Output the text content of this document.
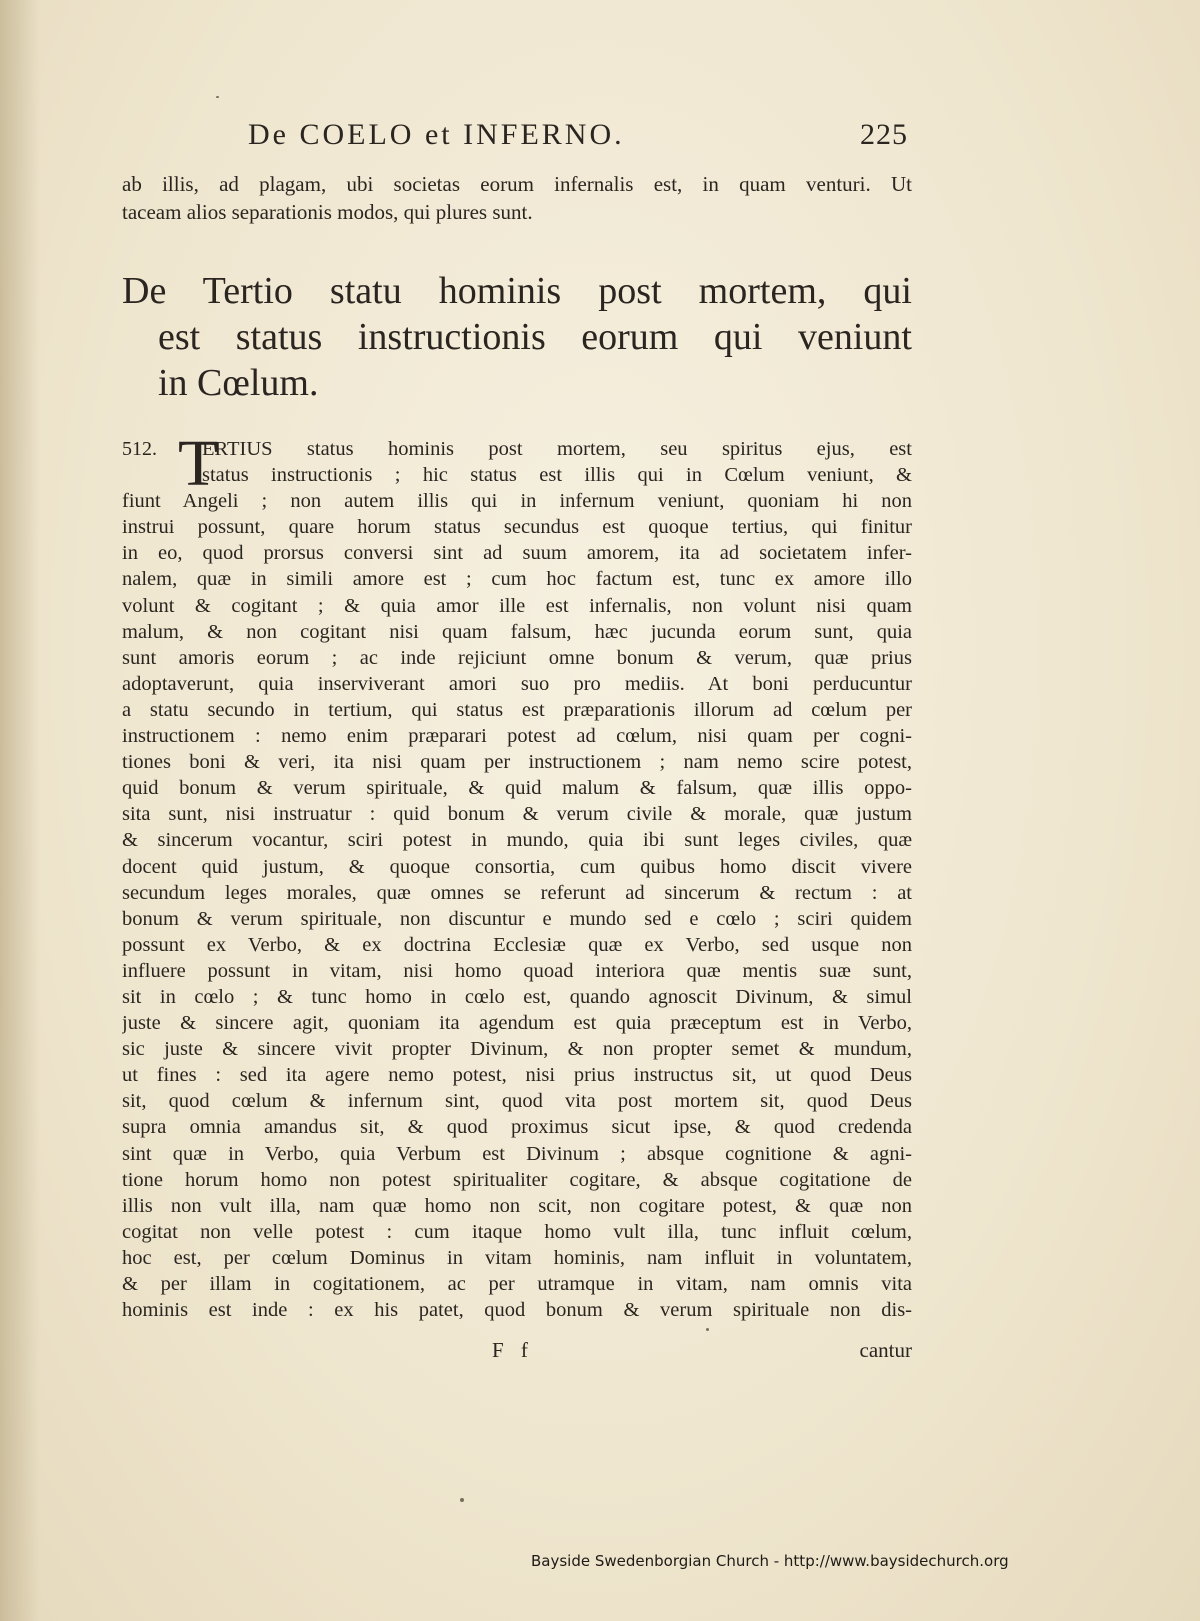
De COELO et INFERNO.	225
ab illis, ad plagam, ubi societas eorum infernalis est, in quam venturi. Ut
taceam alios separationis modos, qui plures sunt.
De Tertio statu hominis post mortem, qui
est status instructionis eorum qui veniunt
in Cœlum.
512. T
ERTIUS status hominis post mortem, seu spiritus ejus, est
status instructionis ; hic status est illis qui in Cœlum veniunt, &
fiunt Angeli ; non autem illis qui in infernum veniunt, quoniam hi non
instrui possunt, quare horum status secundus est quoque tertius, qui finitur
in eo, quod prorsus conversi sint ad suum amorem, ita ad societatem infer-
nalem, quæ in simili amore est ; cum hoc factum est, tunc ex amore illo
volunt & cogitant ; & quia amor ille est infernalis, non volunt nisi quam
malum, & non cogitant nisi quam falsum, hæc jucunda eorum sunt, quia
sunt amoris eorum ; ac inde rejiciunt omne bonum & verum, quæ prius
adoptaverunt, quia inserviverant amori suo pro mediis. At boni perducuntur
a statu secundo in tertium, qui status est præparationis illorum ad cœlum per
instructionem : nemo enim præparari potest ad cœlum, nisi quam per cogni-
tiones boni & veri, ita nisi quam per instructionem ; nam nemo scire potest,
quid bonum & verum spirituale, & quid malum & falsum, quæ illis oppo-
sita sunt, nisi instruatur : quid bonum & verum civile & morale, quæ justum
& sincerum vocantur, sciri potest in mundo, quia ibi sunt leges civiles, quæ
docent quid justum, & quoque consortia, cum quibus homo discit vivere
secundum leges morales, quæ omnes se referunt ad sincerum & rectum : at
bonum & verum spirituale, non discuntur e mundo sed e cœlo ; sciri quidem
possunt ex Verbo, & ex doctrina Ecclesiæ quæ ex Verbo, sed usque non
influere possunt in vitam, nisi homo quoad interiora quæ mentis suæ sunt,
sit in cœlo ; & tunc homo in cœlo est, quando agnoscit Divinum, & simul
juste & sincere agit, quoniam ita agendum est quia præceptum est in Verbo,
sic juste & sincere vivit propter Divinum, & non propter semet & mundum,
ut fines : sed ita agere nemo potest, nisi prius instructus sit, ut quod Deus
sit, quod cœlum & infernum sint, quod vita post mortem sit, quod Deus
supra omnia amandus sit, & quod proximus sicut ipse, & quod credenda
sint quæ in Verbo, quia Verbum est Divinum ; absque cognitione & agni-
tione horum homo non potest spiritualiter cogitare, & absque cogitatione de
illis non vult illa, nam quæ homo non scit, non cogitare potest, & quæ non
cogitat non velle potest : cum itaque homo vult illa, tunc influit cœlum,
hoc est, per cœlum Dominus in vitam hominis, nam influit in voluntatem,
& per illam in cogitationem, ac per utramque in vitam, nam omnis vita
hominis est inde : ex his patet, quod bonum & verum spirituale non dis-
F f	cantur
Bayside Swedenborgian Church - http://www.baysidechurch.org
